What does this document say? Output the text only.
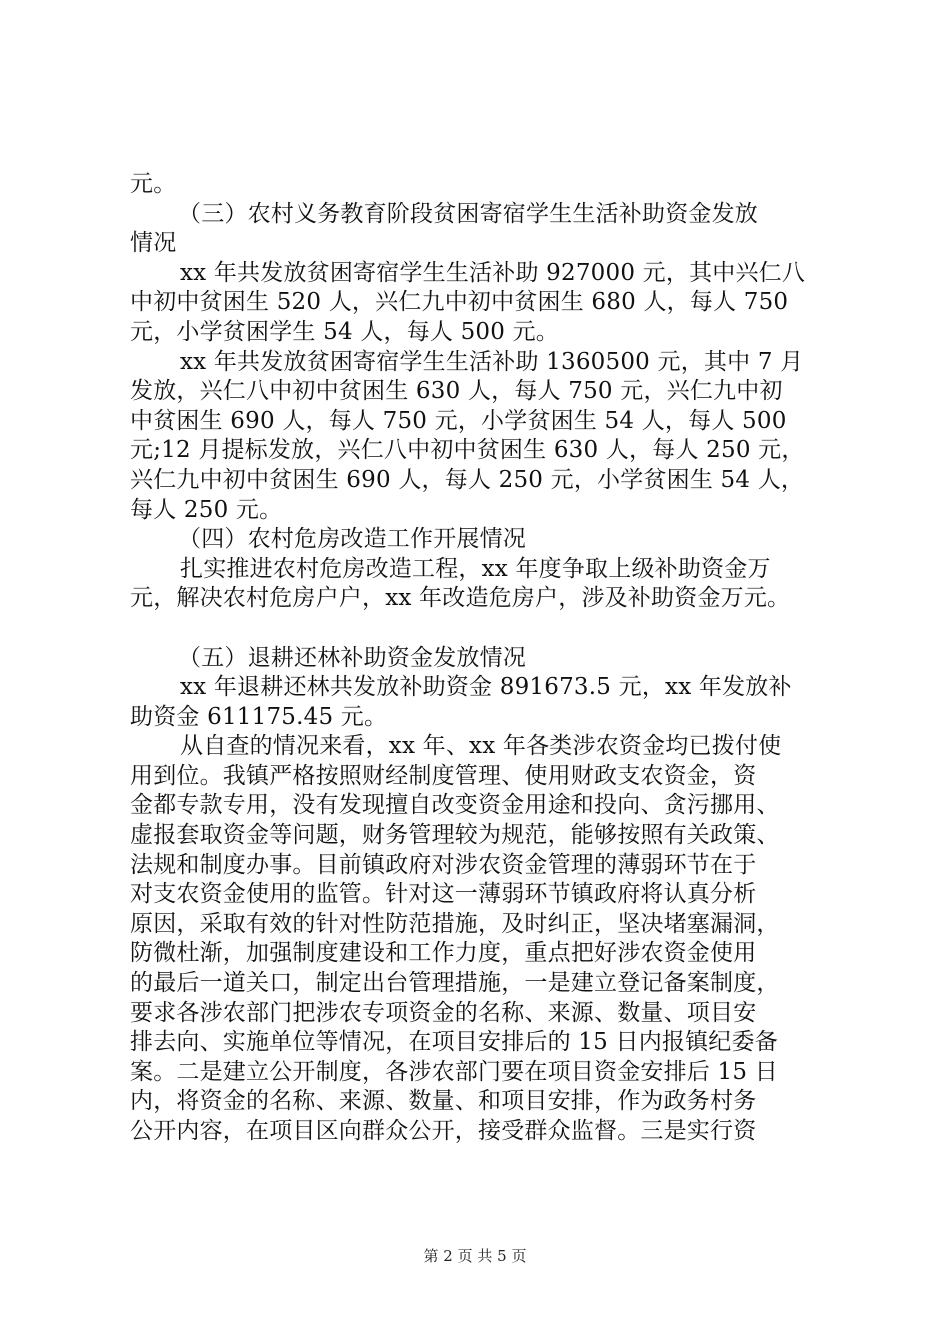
元。
（三）农村义务教育阶段贫困寄宿学生生活补助资金发放
情况
xx 年共发放贫困寄宿学生生活补助 927000 元，其中兴仁八
中初中贫困生 520 人，兴仁九中初中贫困生 680 人，每人 750
元，小学贫困学生 54 人，每人 500 元。
xx 年共发放贫困寄宿学生生活补助 1360500 元，其中 7 月
发放，兴仁八中初中贫困生 630 人，每人 750 元，兴仁九中初
中贫困生 690 人，每人 750 元，小学贫困生 54 人，每人 500
元;12 月提标发放，兴仁八中初中贫困生 630 人，每人 250 元，
兴仁九中初中贫困生 690 人，每人 250 元，小学贫困生 54 人，
每人 250 元。
（四）农村危房改造工作开展情况
扎实推进农村危房改造工程，xx 年度争取上级补助资金万
元，解决农村危房户户，xx 年改造危房户，涉及补助资金万元。
（五）退耕还林补助资金发放情况
xx 年退耕还林共发放补助资金 891673.5 元，xx 年发放补
助资金 611175.45 元。
从自查的情况来看，xx 年、xx 年各类涉农资金均已拨付使
用到位。我镇严格按照财经制度管理、使用财政支农资金，资
金都专款专用，没有发现擅自改变资金用途和投向、贪污挪用、
虚报套取资金等问题，财务管理较为规范，能够按照有关政策、
法规和制度办事。目前镇政府对涉农资金管理的薄弱环节在于
对支农资金使用的监管。针对这一薄弱环节镇政府将认真分析
原因，采取有效的针对性防范措施，及时纠正，坚决堵塞漏洞，
防微杜渐，加强制度建设和工作力度，重点把好涉农资金使用
的最后一道关口，制定出台管理措施，一是建立登记备案制度，
要求各涉农部门把涉农专项资金的名称、来源、数量、项目安
排去向、实施单位等情况，在项目安排后的 15 日内报镇纪委备
案。二是建立公开制度，各涉农部门要在项目资金安排后 15 日
内，将资金的名称、来源、数量、和项目安排，作为政务村务
公开内容，在项目区向群众公开，接受群众监督。三是实行资
第 2 页 共 5 页
